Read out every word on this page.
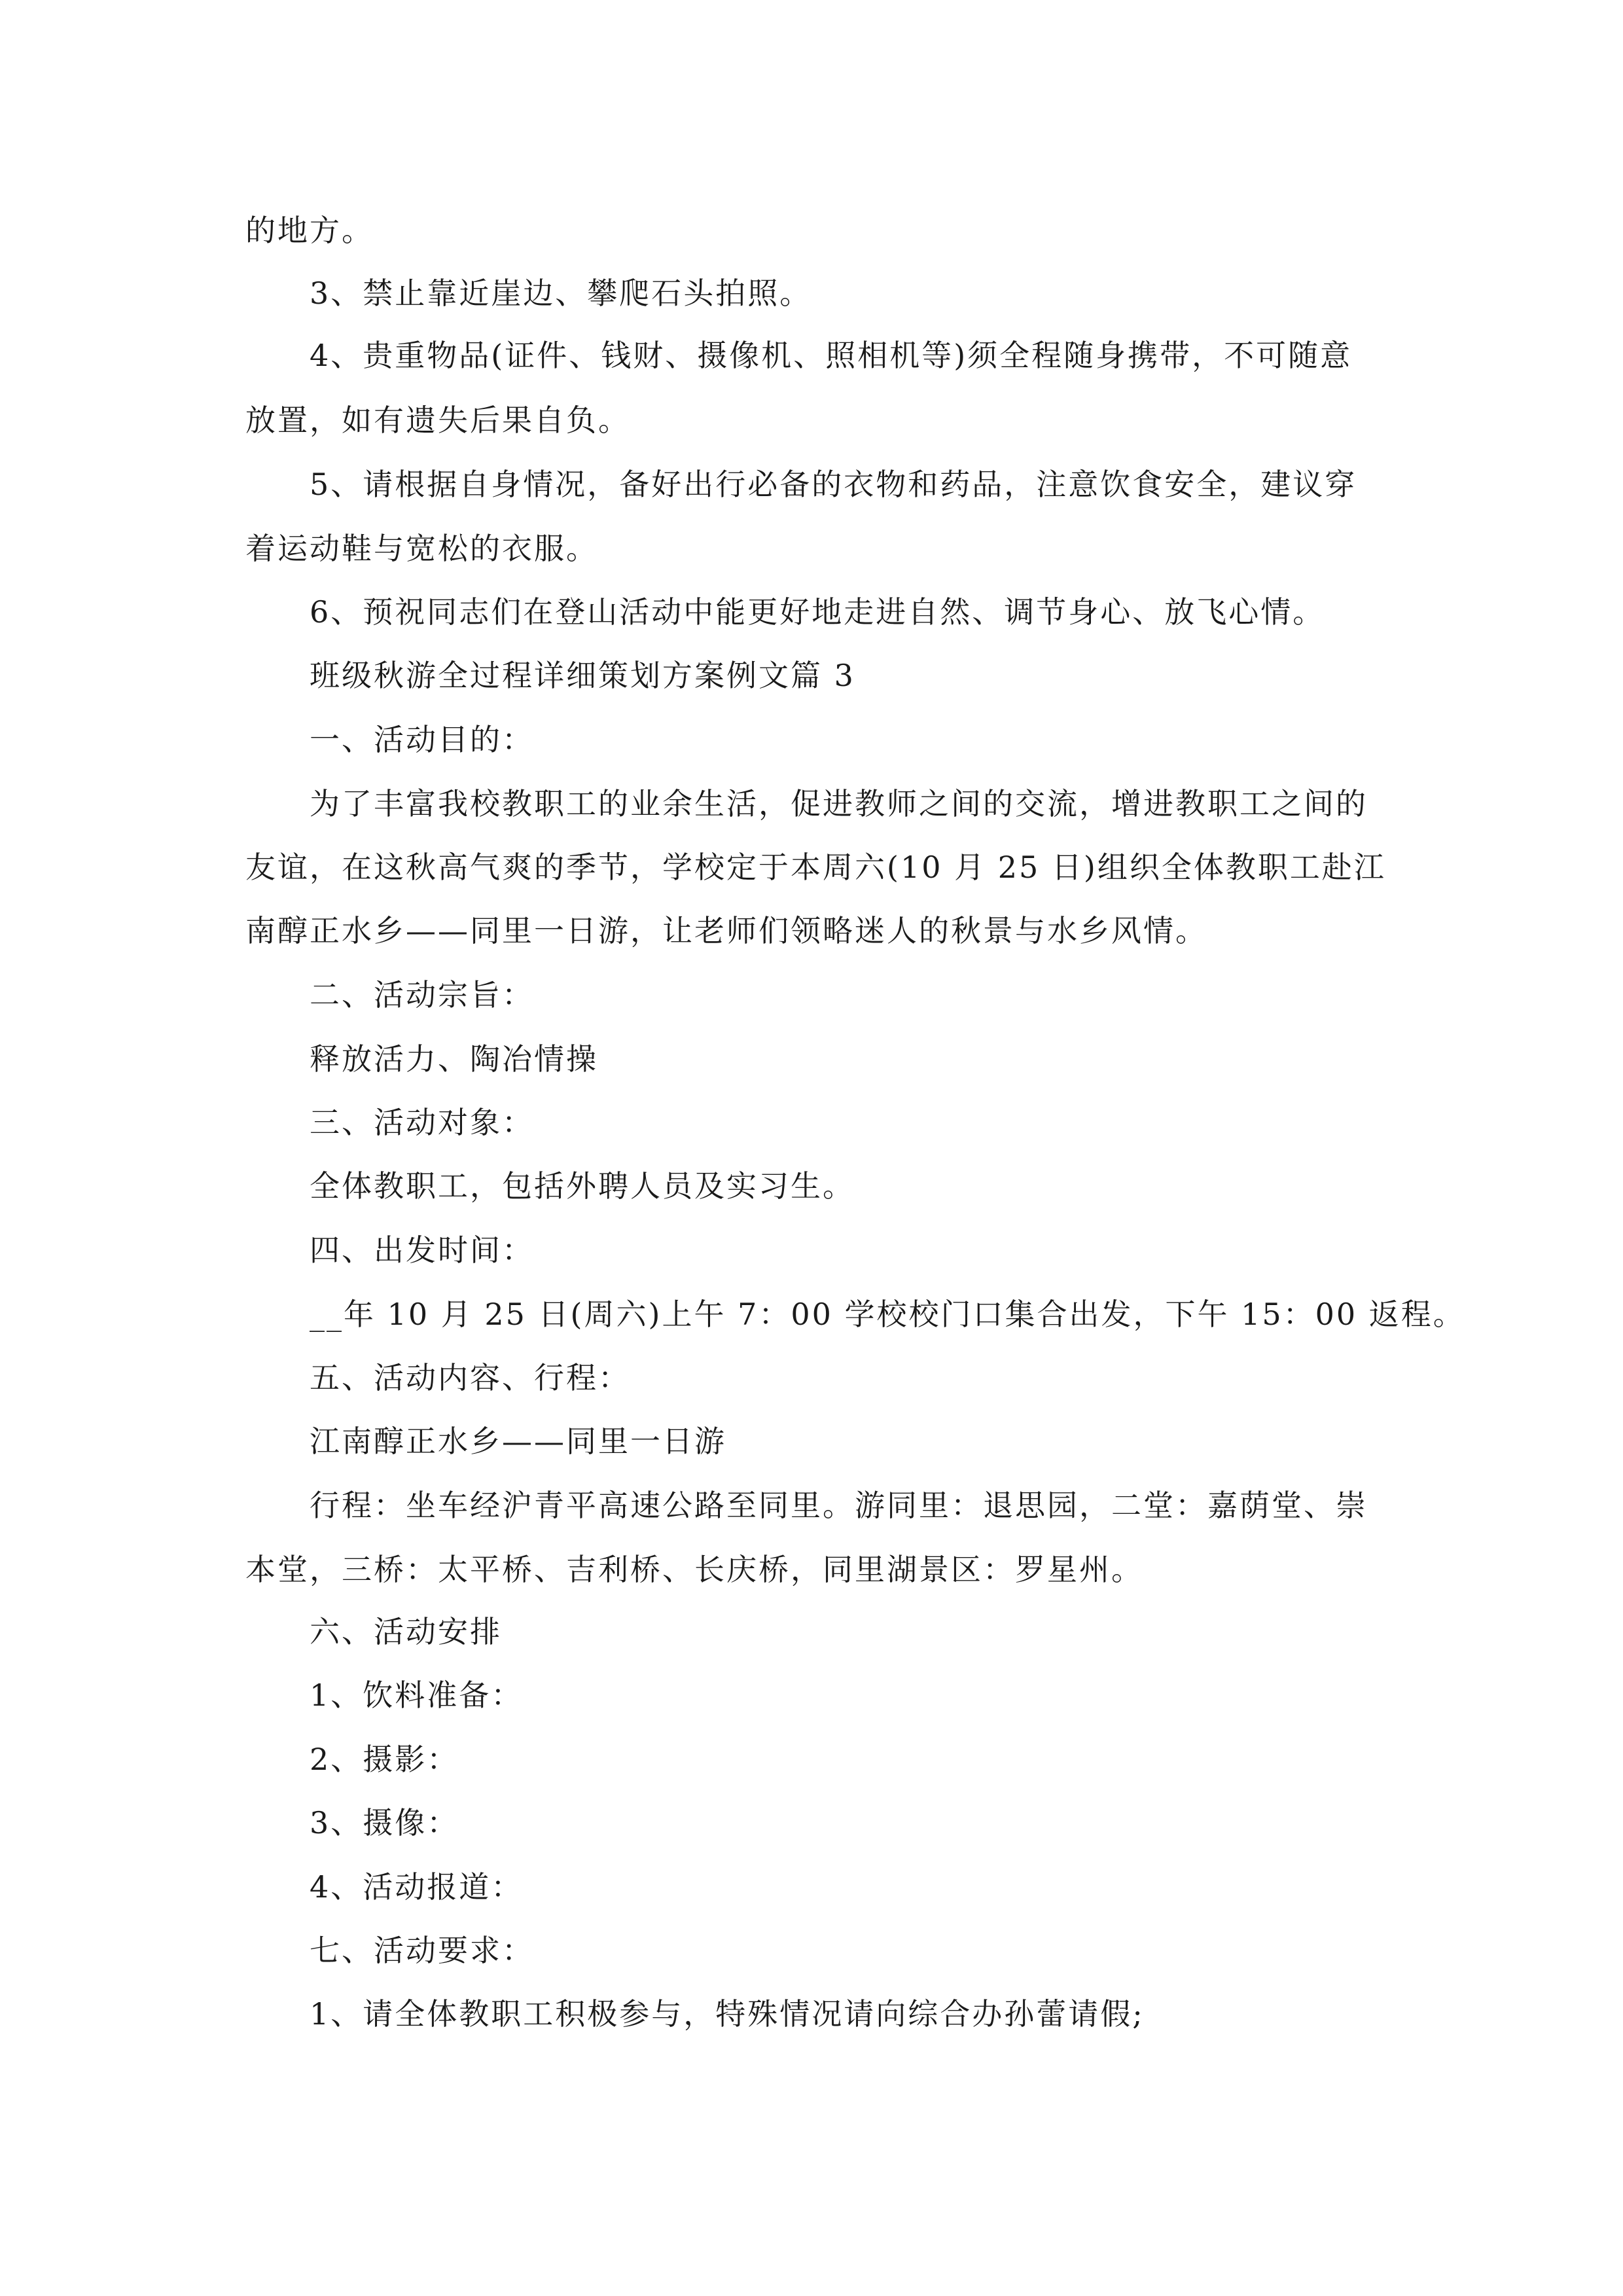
的地方。
3、禁止靠近崖边、攀爬石头拍照。
4、贵重物品(证件、钱财、摄像机、照相机等)须全程随身携带，不可随意
放置，如有遗失后果自负。
5、请根据自身情况，备好出行必备的衣物和药品，注意饮食安全，建议穿
着运动鞋与宽松的衣服。
6、预祝同志们在登山活动中能更好地走进自然、调节身心、放飞心情。
班级秋游全过程详细策划方案例文篇 3
一、活动目的：
为了丰富我校教职工的业余生活，促进教师之间的交流，增进教职工之间的
友谊，在这秋高气爽的季节，学校定于本周六(10 月 25 日)组织全体教职工赴江
南醇正水乡——同里一日游，让老师们领略迷人的秋景与水乡风情。
二、活动宗旨：
释放活力、陶冶情操
三、活动对象：
全体教职工，包括外聘人员及实习生。
四、出发时间：
__年 10 月 25 日(周六)上午 7：00 学校校门口集合出发，下午 15：00 返程。
五、活动内容、行程：
江南醇正水乡——同里一日游
行程：坐车经沪青平高速公路至同里。游同里：退思园，二堂：嘉荫堂、崇
本堂，三桥：太平桥、吉利桥、长庆桥，同里湖景区：罗星州。
六、活动安排
1、饮料准备：
2、摄影：
3、摄像：
4、活动报道：
七、活动要求：
1、请全体教职工积极参与，特殊情况请向综合办孙蕾请假;
